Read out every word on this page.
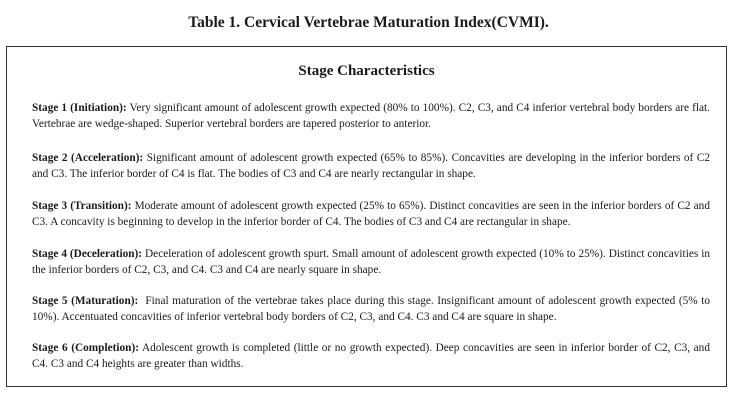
Table 1. Cervical Vertebrae Maturation Index(CVMI).
Stage Characteristics

Stage 1 (Initiation): Very significant amount of adolescent growth expected (80% to 100%). C2, C3, and C4 inferior vertebral body borders are flat. Vertebrae are wedge-shaped. Superior vertebral borders are tapered posterior to anterior.

Stage 2 (Acceleration): Significant amount of adolescent growth expected (65% to 85%). Concavities are developing in the inferior borders of C2 and C3. The inferior border of C4 is flat. The bodies of C3 and C4 are nearly rectangular in shape.

Stage 3 (Transition): Moderate amount of adolescent growth expected (25% to 65%). Distinct concavities are seen in the inferior borders of C2 and C3. A concavity is beginning to develop in the inferior border of C4. The bodies of C3 and C4 are rectangular in shape.

Stage 4 (Deceleration): Deceleration of adolescent growth spurt. Small amount of adolescent growth expected (10% to 25%). Distinct concavities in the inferior borders of C2, C3, and C4. C3 and C4 are nearly square in shape.

Stage 5 (Maturation):  Final maturation of the vertebrae takes place during this stage. Insignificant amount of adolescent growth expected (5% to 10%). Accentuated concavities of inferior vertebral body borders of C2, C3, and C4. C3 and C4 are square in shape.

Stage 6 (Completion): Adolescent growth is completed (little or no growth expected). Deep concavities are seen in inferior border of C2, C3, and C4. C3 and C4 heights are greater than widths.
